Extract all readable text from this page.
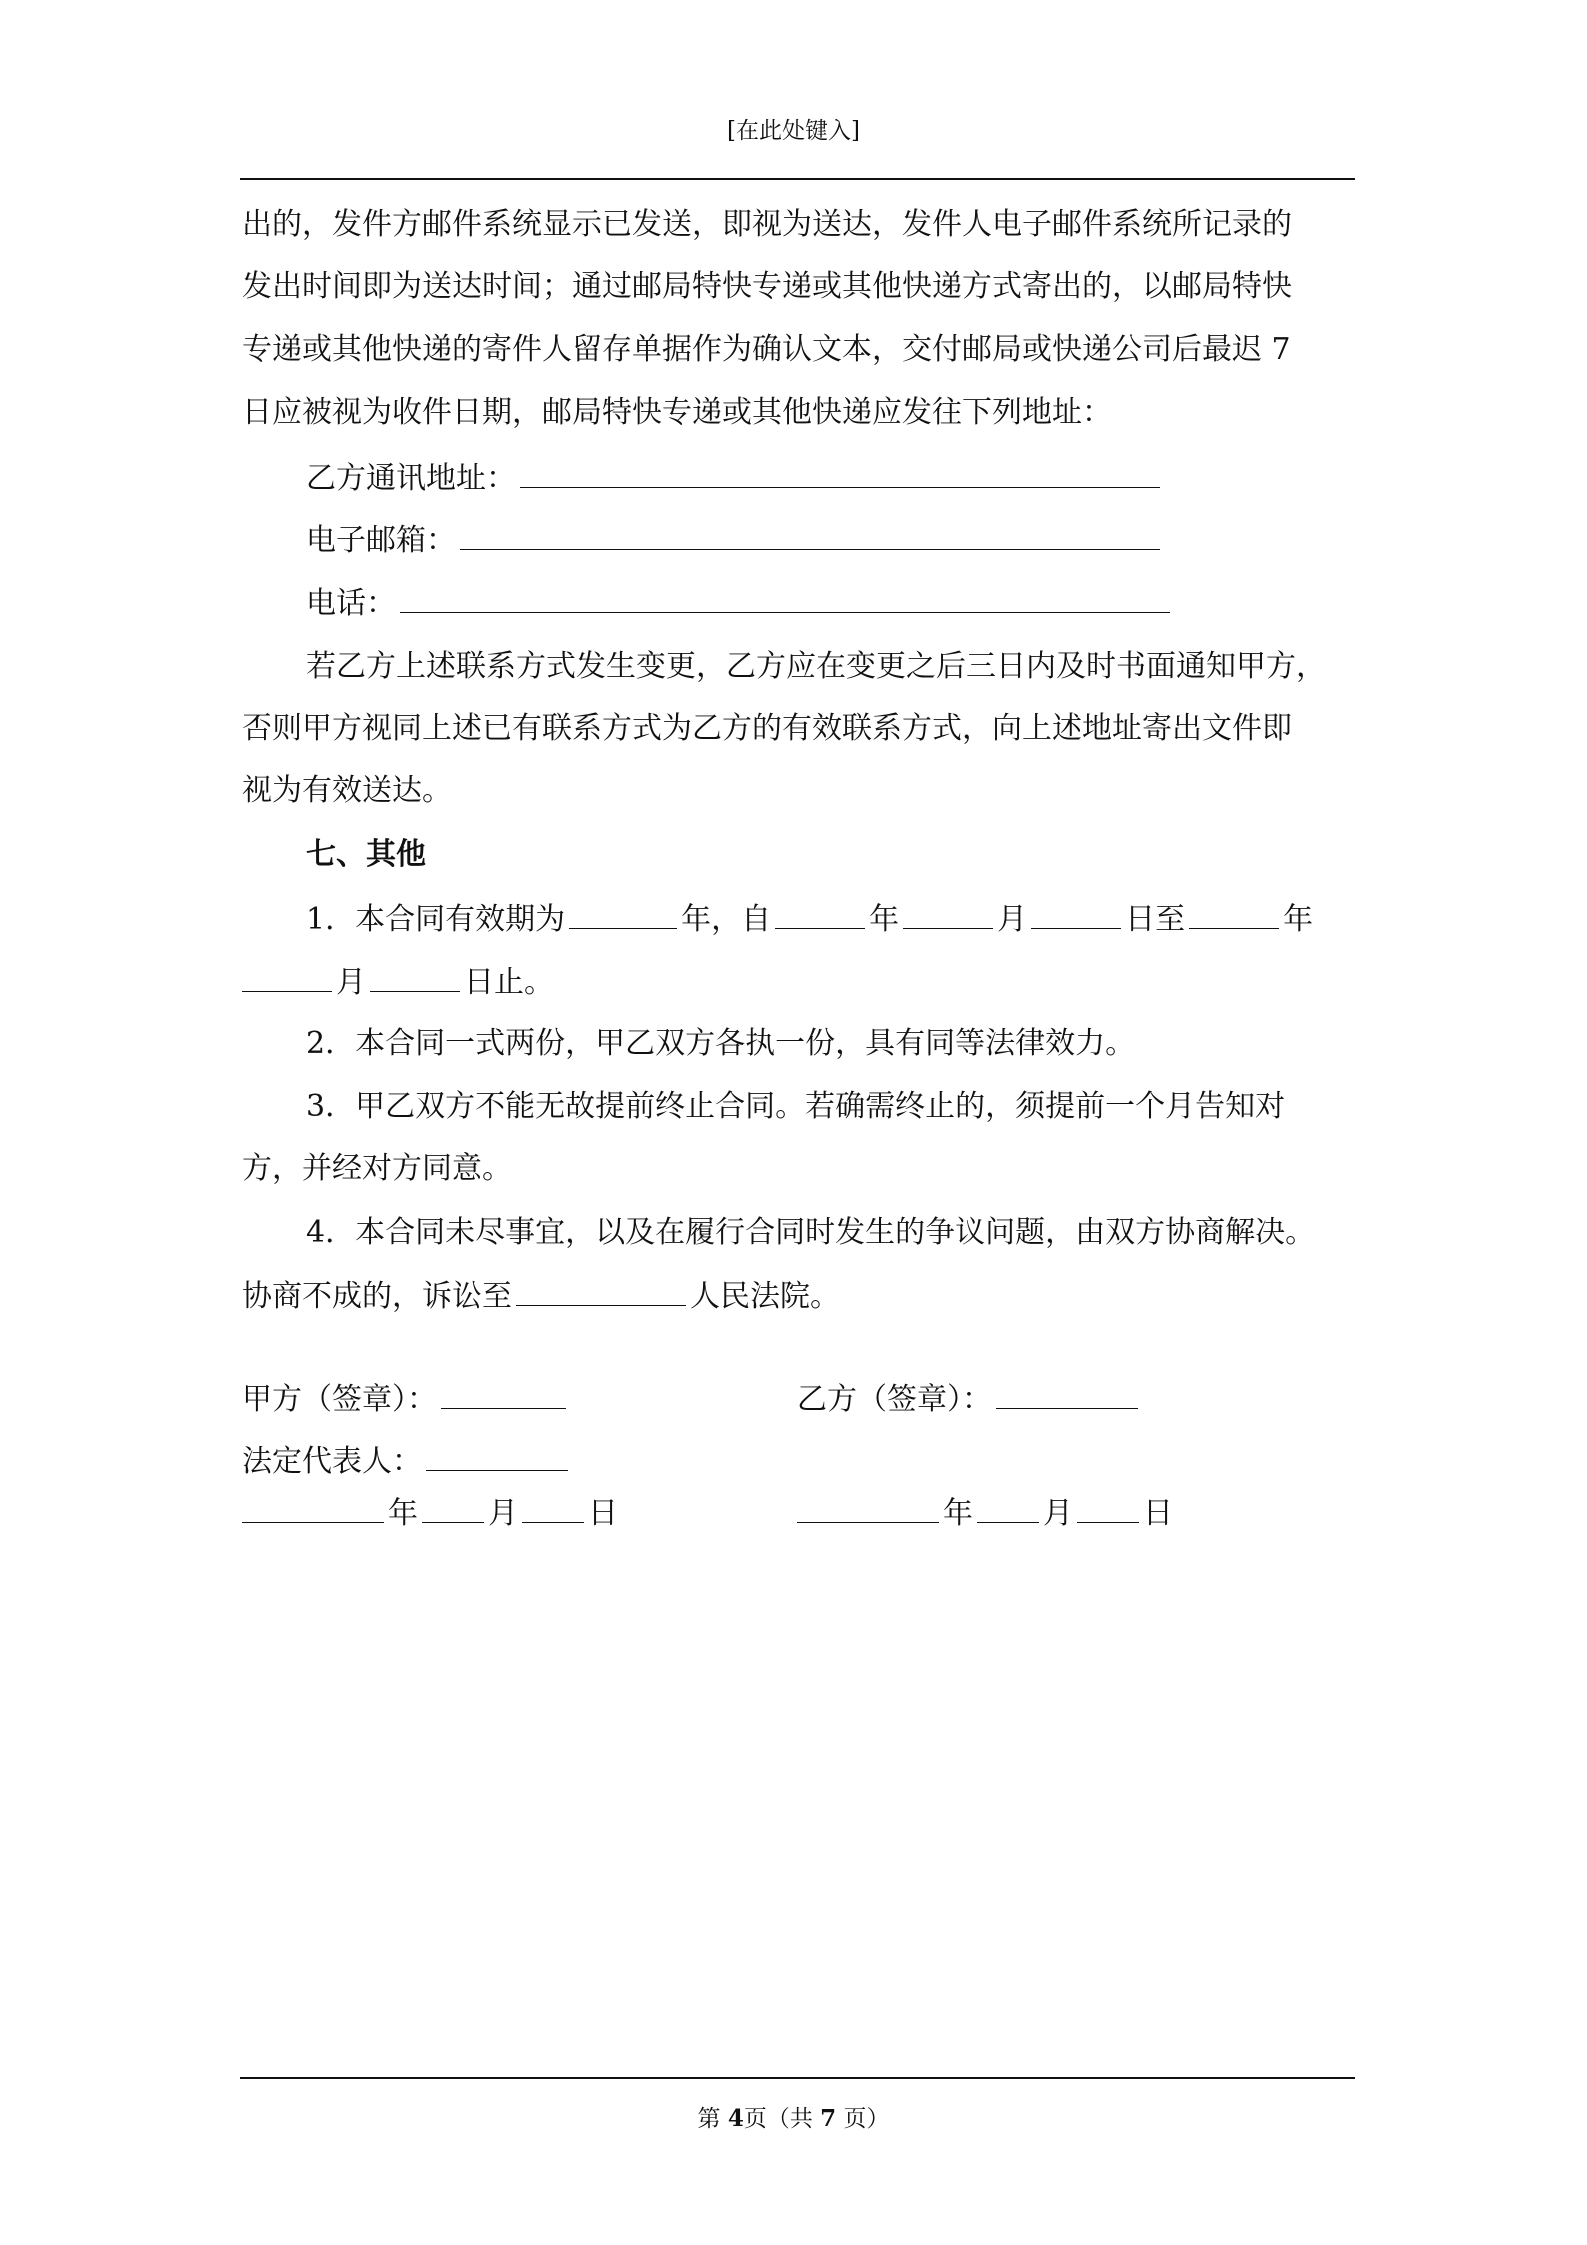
[在此处键入]
出的，发件方邮件系统显示已发送，即视为送达，发件人电子邮件系统所记录的
发出时间即为送达时间；通过邮局特快专递或其他快递方式寄出的，以邮局特快
专递或其他快递的寄件人留存单据作为确认文本，交付邮局或快递公司后最迟 7
日应被视为收件日期，邮局特快专递或其他快递应发往下列地址：
乙方通讯地址：
电子邮箱：
电话：
若乙方上述联系方式发生变更，乙方应在变更之后三日内及时书面通知甲方，
否则甲方视同上述已有联系方式为乙方的有效联系方式，向上述地址寄出文件即
视为有效送达。
七、其他
1．本合同有效期为	年，自	年	月	日至	年
月	日止。
2．本合同一式两份，甲乙双方各执一份，具有同等法律效力。
3．甲乙双方不能无故提前终止合同。若确需终止的，须提前一个月告知对
方，并经对方同意。
4．本合同未尽事宜，以及在履行合同时发生的争议问题，由双方协商解决。
协商不成的，诉讼至	人民法院。
甲方（签章）：	乙方（签章）：
法定代表人：
年 月 日	年 月 日
第 4页（共 7 页）
